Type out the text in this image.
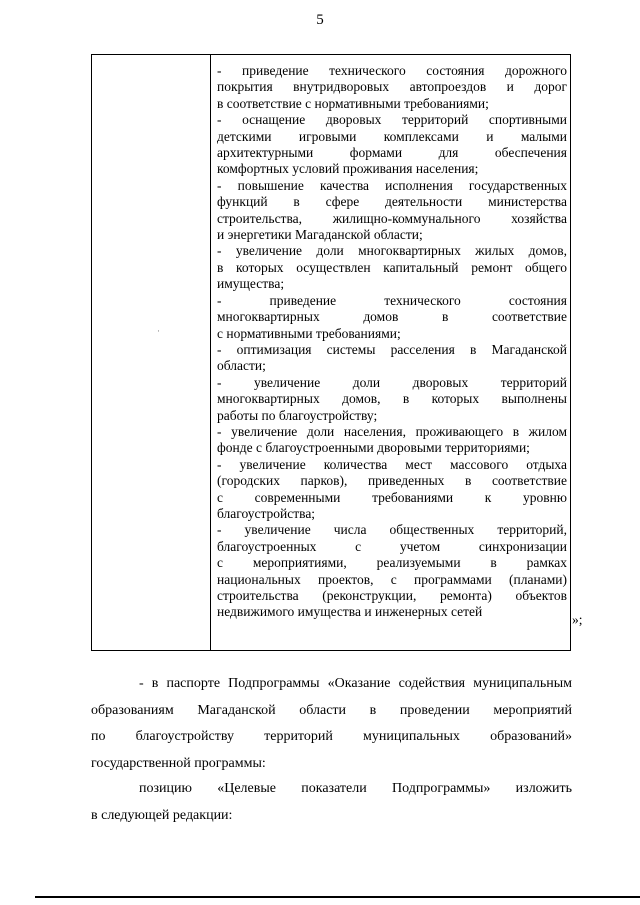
5
- приведение технического состояния дорожного
покрытия внутридворовых автопроездов и дорог
в соответствие с нормативными требованиями;
- оснащение дворовых территорий спортивными
детскими игровыми комплексами и малыми
архитектурными формами для обеспечения
комфортных условий проживания населения;
- повышение качества исполнения государственных
функций в сфере деятельности министерства
строительства, жилищно-коммунального хозяйства
и энергетики Магаданской области;
- увеличение доли многоквартирных жилых домов,
в которых осуществлен капитальный ремонт общего
имущества;
- приведение технического состояния
многоквартирных домов в соответствие
с нормативными требованиями;
- оптимизация системы расселения в Магаданской
области;
- увеличение доли дворовых территорий
многоквартирных домов, в которых выполнены
работы по благоустройству;
- увеличение доли населения, проживающего в жилом
фонде с благоустроенными дворовыми территориями;
- увеличение количества мест массового отдыха
(городских парков), приведенных в соответствие
с современными требованиями к уровню
благоустройства;
- увеличение числа общественных территорий,
благоустроенных с учетом синхронизации
с мероприятиями, реализуемыми в рамках
национальных проектов, с программами (планами)
строительства (реконструкции, ремонта) объектов
недвижимого имущества и инженерных сетей
·
»;
- в паспорте Подпрограммы «Оказание содействия муниципальным
образованиям Магаданской области в проведении мероприятий
по благоустройству территорий муниципальных образований»
государственной программы:
позицию «Целевые показатели Подпрограммы» изложить
в следующей редакции:
